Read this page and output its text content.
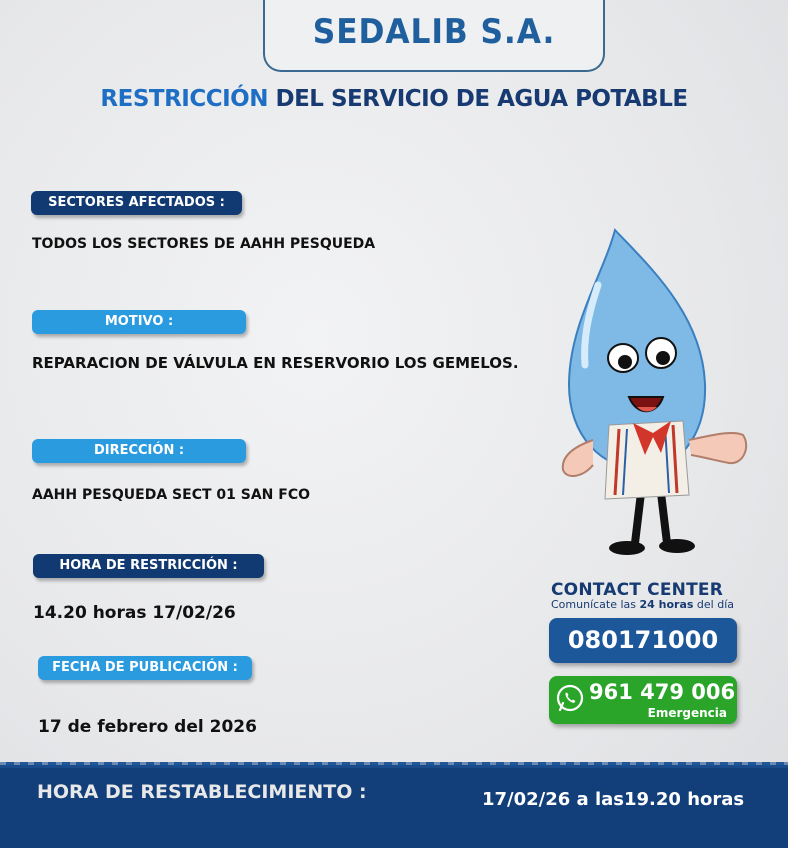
SEDALIB S.A.
RESTRICCIÓN DEL SERVICIO DE AGUA POTABLE
SECTORES AFECTADOS :
TODOS LOS SECTORES DE AAHH PESQUEDA
MOTIVO :
REPARACION DE VÁLVULA EN RESERVORIO LOS GEMELOS.
DIRECCIÓN :
AAHH PESQUEDA SECT 01 SAN FCO
HORA DE RESTRICCIÓN :
14.20 horas 17/02/26
FECHA DE PUBLICACIÓN :
17 de febrero del 2026
CONTACT CENTER
Comunícate las 24 horas del día
080171000
961 479 006
Emergencia
HORA DE RESTABLECIMIENTO :	17/02/26 a las19.20 horas
